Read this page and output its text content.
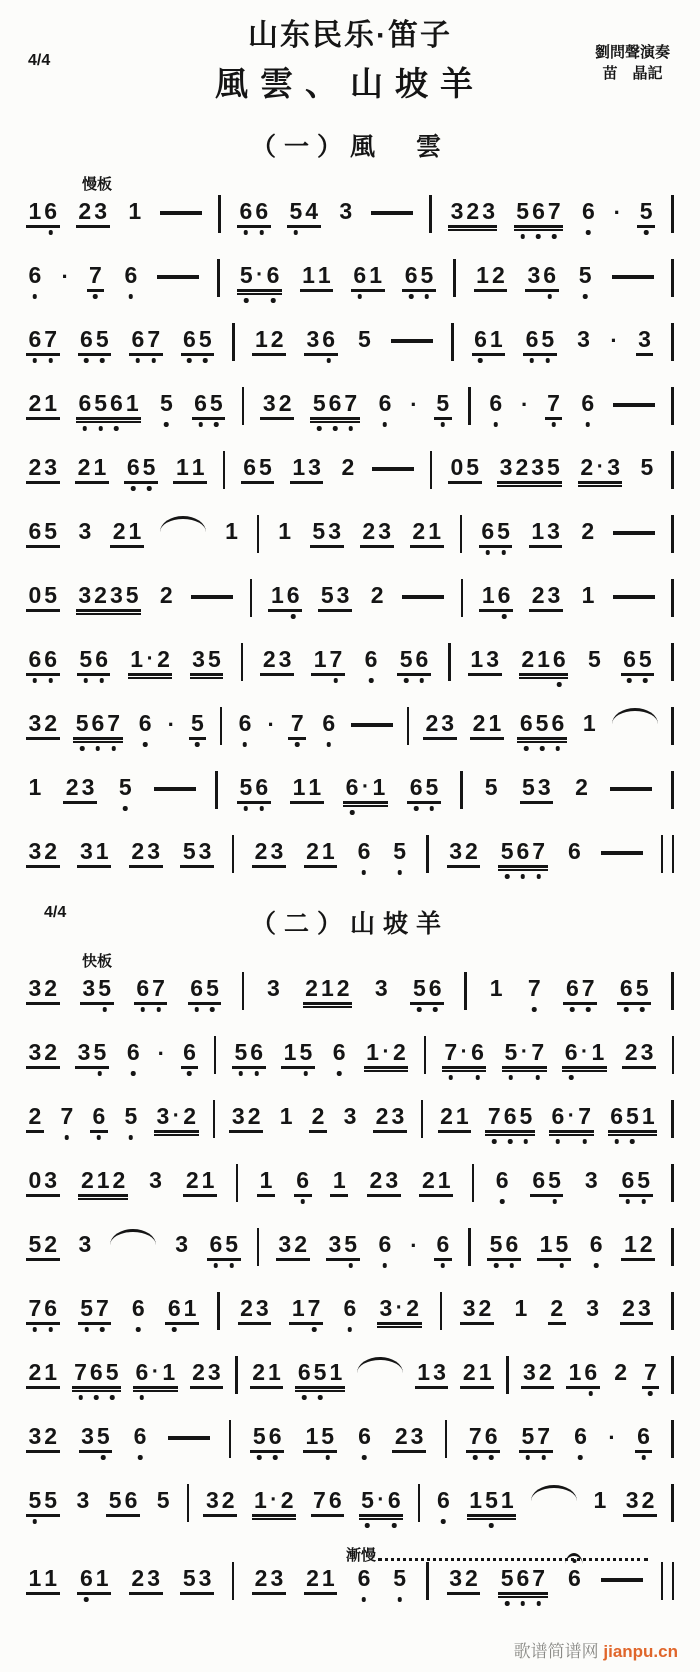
4/4
山东民乐·笛子
風雲、山坡羊
劉問聲演奏
苗　晶記
（一）風　雲
慢板
1 6 2 3 1	6 6 5 4 3	3 2 3 5 6 7 6 · 5
6 · 7 6	5 · 6 1 1 6 1 6 5 1 2 3 6 5
6 7 6 5 6 7 6 5 1 2 3 6 5	6 1 6 5 3 · 3
2 1 6 5 6 1 5 6 5 3 2 5 6 7 6 · 5 6 · 7 6
2 3 2 1 6 5 1 1 6 5 1 3 2	0 5 3 2 3 5 2 · 3 5
6 5 3 2 1	1 1 5 3 2 3 2 1 6 5 1 3 2
0 5 3 2 3 5 2	1 6 5 3 2	1 6 2 3 1
6 6 5 6 1 · 2 3 5 2 3 1 7 6 5 6 1 3 2 1 6 5 6 5
3 2 5 6 7 6 · 5 6 · 7 6	2 3 2 1 6 5 6 1
1 2 3 5	5 6 1 1 6 · 1 6 5 5 5 3 2
3 2 3 1 2 3 5 3 2 3 2 1 6 5 3 2 5 6 7 6
4/4	（二）山坡羊
快板
3 2 3 5 6 7 6 5 3 2 1 2 3 5 6 1 7 6 7 6 5
3 2 3 5 6 · 6 5 6 1 5 6 1 · 2 7 · 6 5 · 7 6 · 1 2 3
2 7 6 5 3 · 2 3 2 1 2 3 2 3 2 1 7 6 5 6 · 7 6 5 1
0 3 2 1 2 3 2 1 1 6 1 2 3 2 1 6 6 5 3 6 5
5 2 3	3 6 5 3 2 3 5 6 · 6 5 6 1 5 6 1 2
7 6 5 7 6 6 1 2 3 1 7 6 3 · 2 3 2 1 2 3 2 3
2 1 7 6 5 6 · 1 2 3 2 1 6 5 1	1 3 2 1 3 2 1 6 2 7
3 2 3 5 6	5 6 1 5 6 2 3 7 6 5 7 6 · 6
5 5 3 5 6 5 3 2 1 · 2 7 6 5 · 6 6 1 5 1	1 3 2
漸慢
1 1 6 1 2 3 5 3 2 3 2 1 6 5 3 2 5 6 7 6
歌谱简谱网 jianpu.cn
